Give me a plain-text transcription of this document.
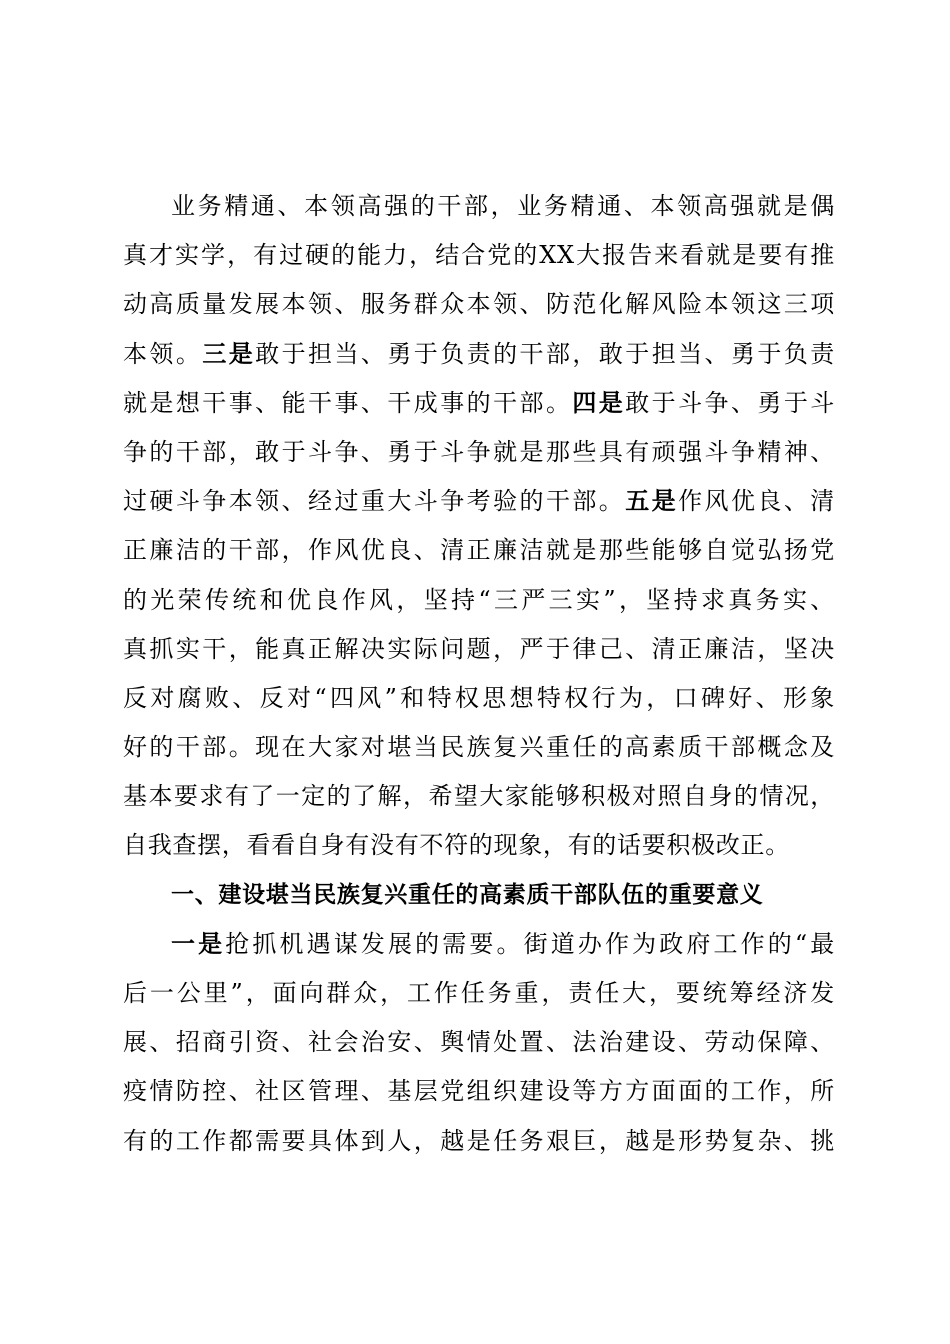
业务精通、本领高强的干部，业务精通、本领高强就是偶
真才实学，有过硬的能力，结合党的XX大报告来看就是要有推
动高质量发展本领、服务群众本领、防范化解风险本领这三项
本领。三是敢于担当、勇于负责的干部，敢于担当、勇于负责
就是想干事、能干事、干成事的干部。四是敢于斗争、勇于斗
争的干部，敢于斗争、勇于斗争就是那些具有顽强斗争精神、
过硬斗争本领、经过重大斗争考验的干部。五是作风优良、清
正廉洁的干部，作风优良、清正廉洁就是那些能够自觉弘扬党
的光荣传统和优良作风，坚持“三严三实”，坚持求真务实、
真抓实干，能真正解决实际问题，严于律己、清正廉洁，坚决
反对腐败、反对“四风”和特权思想特权行为，口碑好、形象
好的干部。现在大家对堪当民族复兴重任的高素质干部概念及
基本要求有了一定的了解，希望大家能够积极对照自身的情况，
自我查摆，看看自身有没有不符的现象，有的话要积极改正。
一、建设堪当民族复兴重任的高素质干部队伍的重要意义
一是抢抓机遇谋发展的需要。街道办作为政府工作的“最
后一公里”，面向群众，工作任务重，责任大，要统筹经济发
展、招商引资、社会治安、舆情处置、法治建设、劳动保障、
疫情防控、社区管理、基层党组织建设等方方面面的工作，所
有的工作都需要具体到人，越是任务艰巨，越是形势复杂、挑
